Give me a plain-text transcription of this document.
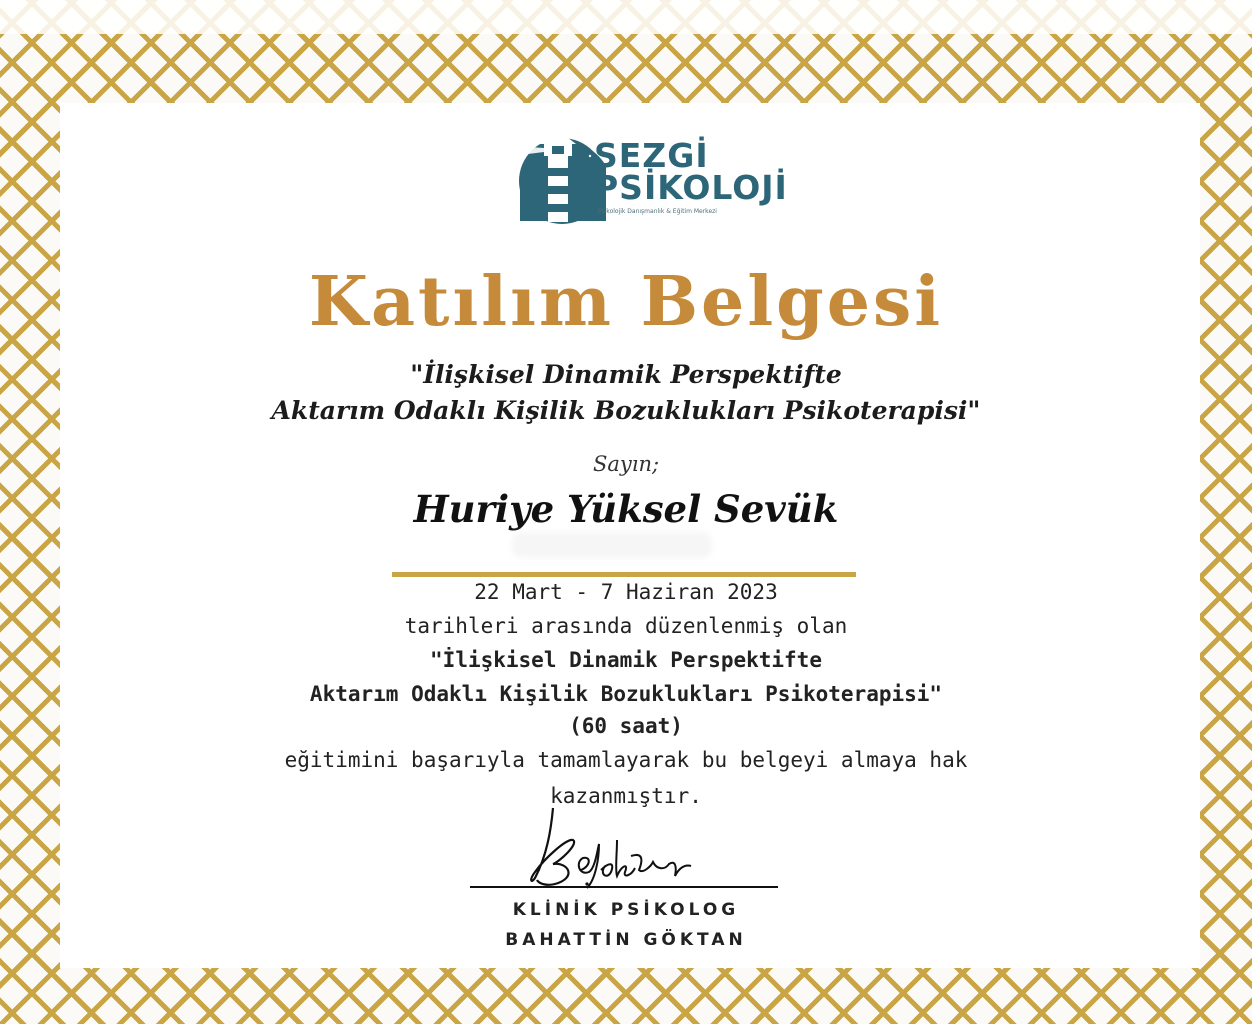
SEZGİ
PSİKOLOJİ
Psikolojik Danışmanlık & Eğitim Merkezi
Katılım Belgesi
"İlişkisel Dinamik Perspektifte
Aktarım Odaklı Kişilik Bozuklukları Psikoterapisi"
Sayın;
Huriye Yüksel Sevük
22 Mart - 7 Haziran 2023
tarihleri arasında düzenlenmiş olan
"İlişkisel Dinamik Perspektifte
Aktarım Odaklı Kişilik Bozuklukları Psikoterapisi"
(60 saat)
eğitimini başarıyla tamamlayarak bu belgeyi almaya hak
kazanmıştır.
KLİNİK PSİKOLOG
BAHATTİN GÖKTAN
